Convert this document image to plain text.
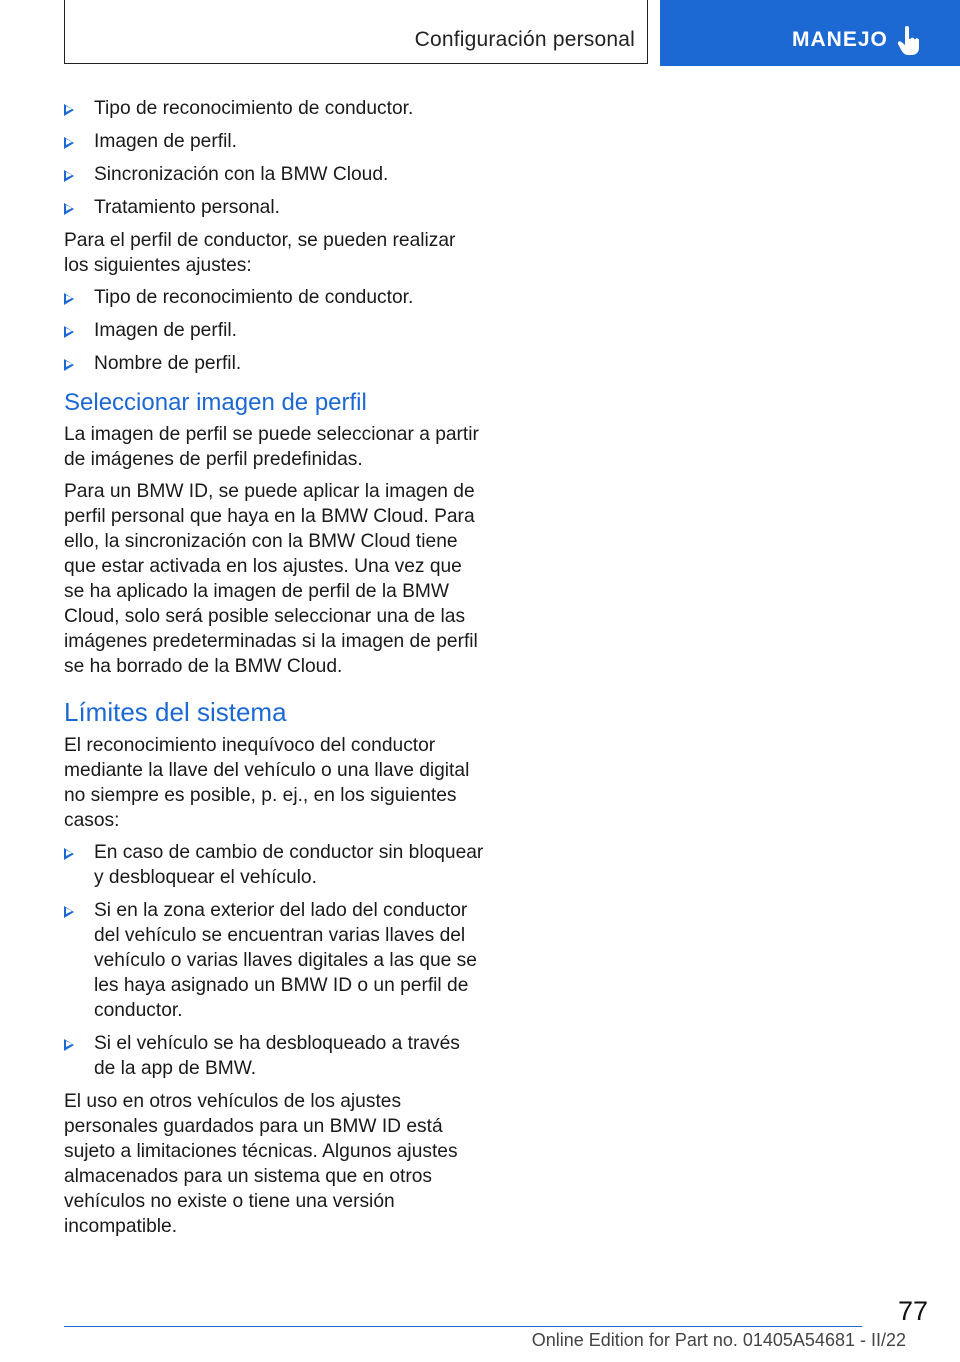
Configuración personal	MANEJO
Tipo de reconocimiento de conductor.
Imagen de perfil.
Sincronización con la BMW Cloud.
Tratamiento personal.

Para el perfil de conductor, se pueden realizar los siguientes ajustes:

Tipo de reconocimiento de conductor.
Imagen de perfil.
Nombre de perfil.
Seleccionar imagen de perfil

La imagen de perfil se puede seleccionar a partir de imágenes de perfil predefinidas.

Para un BMW ID, se puede aplicar la imagen de perfil personal que haya en la BMW Cloud. Para ello, la sincronización con la BMW Cloud tiene que estar activada en los ajustes. Una vez que se ha aplicado la imagen de perfil de la BMW Cloud, solo será posible seleccionar una de las imágenes predeterminadas si la imagen de perfil se ha borrado de la BMW Cloud.

Límites del sistema

El reconocimiento inequívoco del conductor mediante la llave del vehículo o una llave digital no siempre es posible, p. ej., en los siguientes casos:

En caso de cambio de conductor sin bloquear y desbloquear el vehículo.
Si en la zona exterior del lado del conductor del vehículo se encuentran varias llaves del vehículo o varias llaves digitales a las que se les haya asignado un BMW ID o un perfil de conductor.
Si el vehículo se ha desbloqueado a través de la app de BMW.

El uso en otros vehículos de los ajustes personales guardados para un BMW ID está sujeto a limitaciones técnicas. Algunos ajustes almacenados para un sistema que en otros vehículos no existe o tiene una versión incompatible.

77
Online Edition for Part no. 01405A54681 - II/22
